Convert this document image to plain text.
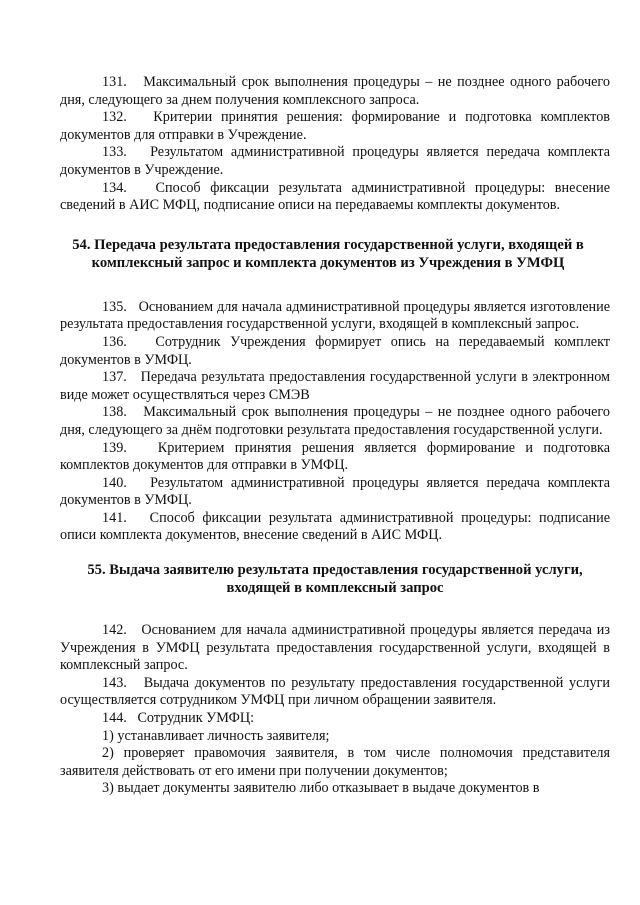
131.   Максимальный срок выполнения процедуры – не позднее одного рабочего дня, следующего за днем получения комплексного запроса.

132.   Критерии принятия решения: формирование и подготовка комплектов документов для отправки в Учреждение.

133.   Результатом административной процедуры является передача комплекта документов в Учреждение.

134.   Способ фиксации результата административной процедуры: внесение сведений в АИС МФЦ, подписание описи на передаваемы комплекты документов.

54. Передача результата предоставления государственной услуги, входящей в комплексный запрос и комплекта документов из Учреждения в УМФЦ

135.   Основанием для начала административной процедуры является изготовление результата предоставления государственной услуги, входящей в комплексный запрос.

136.   Сотрудник Учреждения формирует опись на передаваемый комплект документов в УМФЦ.

137.   Передача результата предоставления государственной услуги в электронном виде может осуществляться через СМЭВ

138.   Максимальный срок выполнения процедуры – не позднее одного рабочего дня, следующего за днём подготовки результата предоставления государственной услуги.

139.   Критерием принятия решения является формирование и подготовка комплектов документов для отправки в УМФЦ.

140.   Результатом административной процедуры является передача комплекта документов в УМФЦ.

141.   Способ фиксации результата административной процедуры: подписание описи комплекта документов, внесение сведений в АИС МФЦ.

55. Выдача заявителю результата предоставления государственной услуги, входящей в комплексный запрос

142.   Основанием для начала административной процедуры является передача из Учреждения в УМФЦ результата предоставления государственной услуги, входящей в комплексный запрос.

143.   Выдача документов по результату предоставления государственной услуги осуществляется сотрудником УМФЦ при личном обращении заявителя.

144.   Сотрудник УМФЦ:

1) устанавливает личность заявителя;

2) проверяет правомочия заявителя, в том числе полномочия представителя заявителя действовать от его имени при получении документов;

3) выдает документы заявителю либо отказывает в выдаче документов в
